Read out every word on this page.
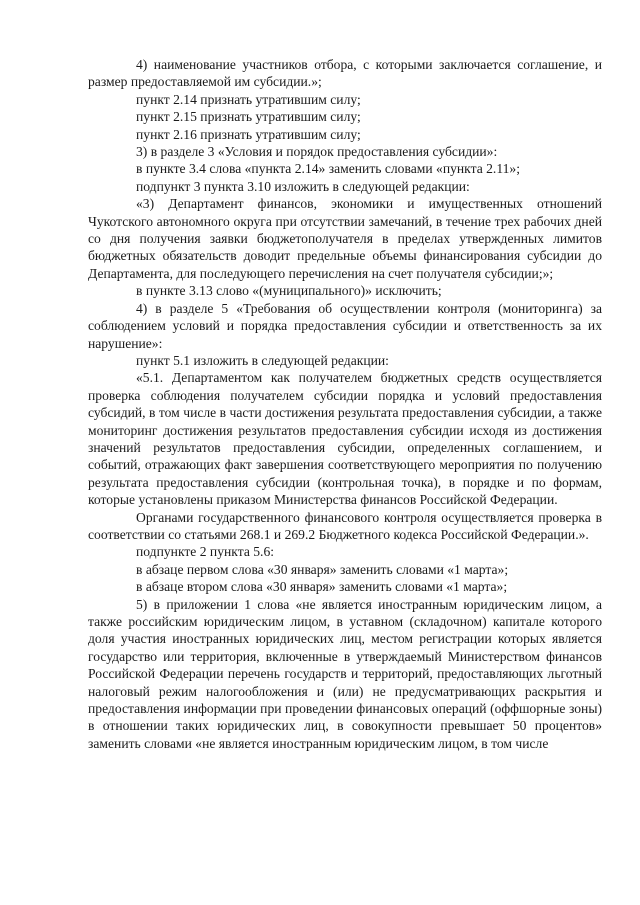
4) наименование участников отбора, с которыми заключается соглашение, и размер предоставляемой им субсидии.»;

пункт 2.14 признать утратившим силу;

пункт 2.15 признать утратившим силу;

пункт 2.16 признать утратившим силу;

3) в разделе 3 «Условия и порядок предоставления субсидии»:

в пункте 3.4 слова «пункта 2.14» заменить словами «пункта 2.11»;

подпункт 3 пункта 3.10 изложить в следующей редакции:

«3) Департамент финансов, экономики и имущественных отношений Чукотского автономного округа при отсутствии замечаний, в течение трех рабочих дней со дня получения заявки бюджетополучателя в пределах утвержденных лимитов бюджетных обязательств доводит предельные объемы финансирования субсидии до Департамента, для последующего перечисления на счет получателя субсидии;»;

в пункте 3.13 слово «(муниципального)» исключить;

4) в разделе 5 «Требования об осуществлении контроля (мониторинга) за соблюдением условий и порядка предоставления субсидии и ответственность за их нарушение»:

пункт 5.1 изложить в следующей редакции:

«5.1. Департаментом как получателем бюджетных средств осуществляется проверка соблюдения получателем субсидии порядка и условий предоставления субсидий, в том числе в части достижения результата предоставления субсидии, а также мониторинг достижения результатов предоставления субсидии исходя из достижения значений результатов предоставления субсидии, определенных соглашением, и событий, отражающих факт завершения соответствующего мероприятия по получению результата предоставления субсидии (контрольная точка), в порядке и по формам, которые установлены приказом Министерства финансов Российской Федерации.

Органами государственного финансового контроля осуществляется проверка в соответствии со статьями 268.1 и 269.2 Бюджетного кодекса Российской Федерации.».

подпункте 2 пункта 5.6:

в абзаце первом слова «30 января» заменить словами «1 марта»;

в абзаце втором слова «30 января» заменить словами «1 марта»;

5) в приложении 1 слова «не является иностранным юридическим лицом, а также российским юридическим лицом, в уставном (складочном) капитале которого доля участия иностранных юридических лиц, местом регистрации которых является государство или территория, включенные в утверждаемый Министерством финансов Российской Федерации перечень государств и территорий, предоставляющих льготный налоговый режим налогообложения и (или) не предусматривающих раскрытия и предоставления информации при проведении финансовых операций (оффшорные зоны) в отношении таких юридических лиц, в совокупности превышает 50 процентов» заменить словами «не является иностранным юридическим лицом, в том числе
